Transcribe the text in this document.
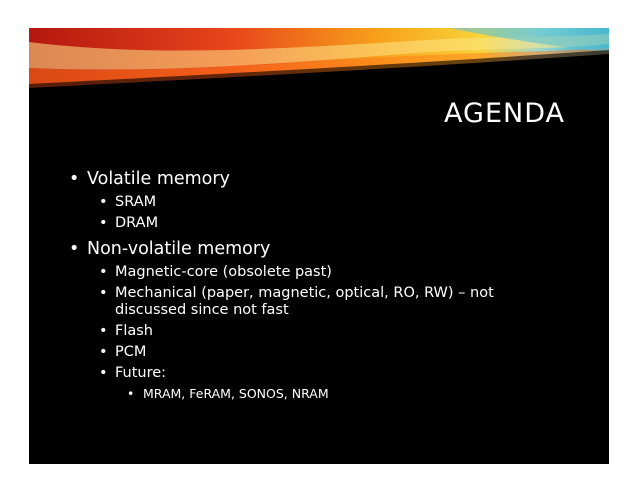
AGENDA
• Volatile memory
• SRAM
• DRAM
• Non-volatile memory
• Magnetic-core (obsolete past)
• Mechanical (paper, magnetic, optical, RO, RW) – not discussed since not fast
• Flash
• PCM
• Future:
• MRAM, FeRAM, SONOS, NRAM
